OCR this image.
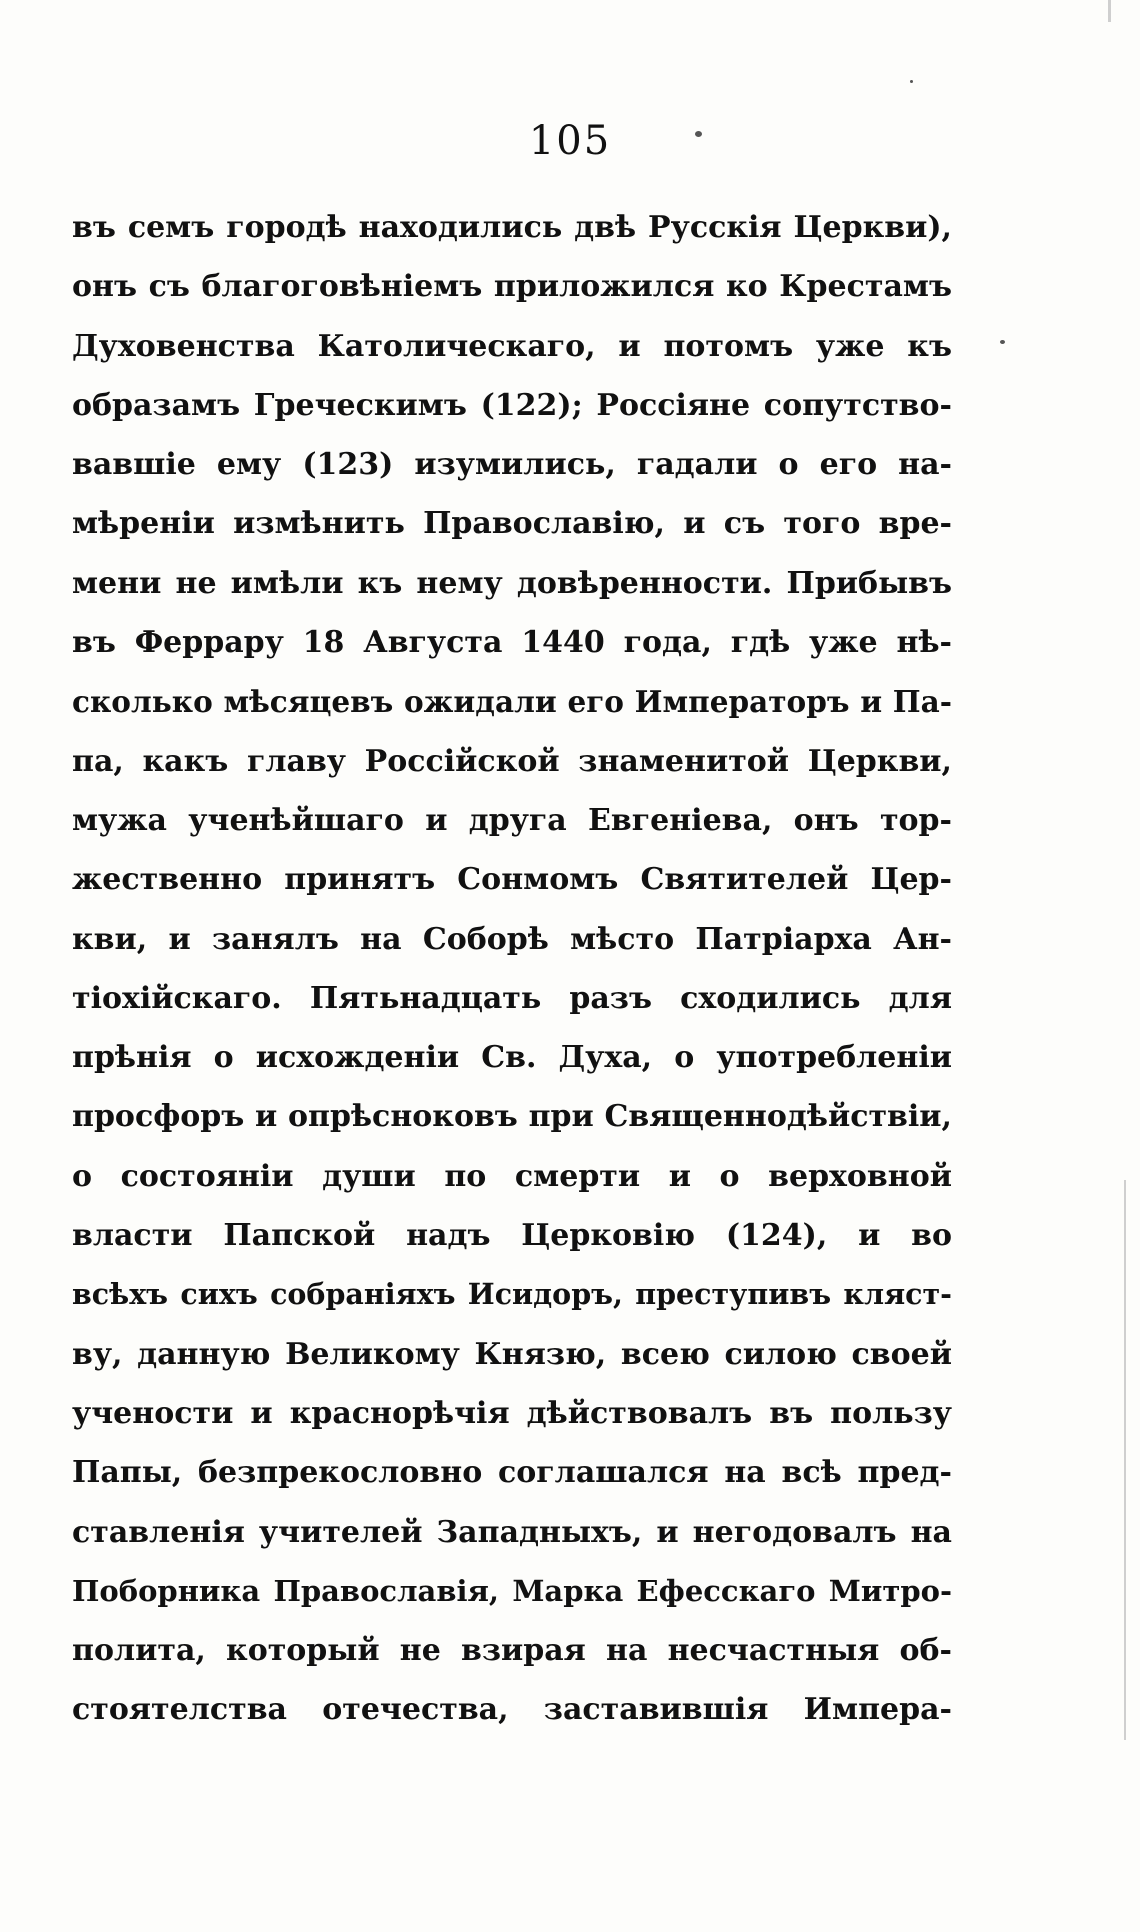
105
въ семъ городѣ находились двѣ Русскія Церкви),
онъ съ благоговѣніемъ приложился ко Крестамъ
Духовенства Католическаго, и потомъ уже къ
образамъ Греческимъ (122); Россіяне сопутство-
вавшіе ему (123) изумились, гадали о его на-
мѣреніи измѣнить Православію, и съ того вре-
мени не имѣли къ нему довѣренности. Прибывъ
въ Феррару 18 Августа 1440 года, гдѣ уже нѣ-
сколько мѣсяцевъ ожидали его Императоръ и Па-
па, какъ главу Россійской знаменитой Церкви,
мужа ученѣйшаго и друга Евгеніева, онъ тор-
жественно принятъ Сонмомъ Святителей Цер-
кви, и занялъ на Соборѣ мѣсто Патріарха Ан-
тіохійскаго. Пятьнадцать разъ сходились для
прѣнія о исхожденіи Св. Духа, о употребленіи
просфоръ и опрѣсноковъ при Священнодѣйствіи,
о состояніи души по смерти и о верховной
власти Папской надъ Церковію (124), и во
всѣхъ сихъ собраніяхъ Исидоръ, преступивъ кляст-
ву, данную Великому Князю, всею силою своей
учености и краснорѣчія дѣйствовалъ въ пользу
Папы, безпрекословно соглашался на всѣ пред-
ставленія учителей Западныхъ, и негодовалъ на
Поборника Православія, Марка Ефесскаго Митро-
полита, который не взирая на несчастныя об-
стоятелства отечества, заставившія Импера-
